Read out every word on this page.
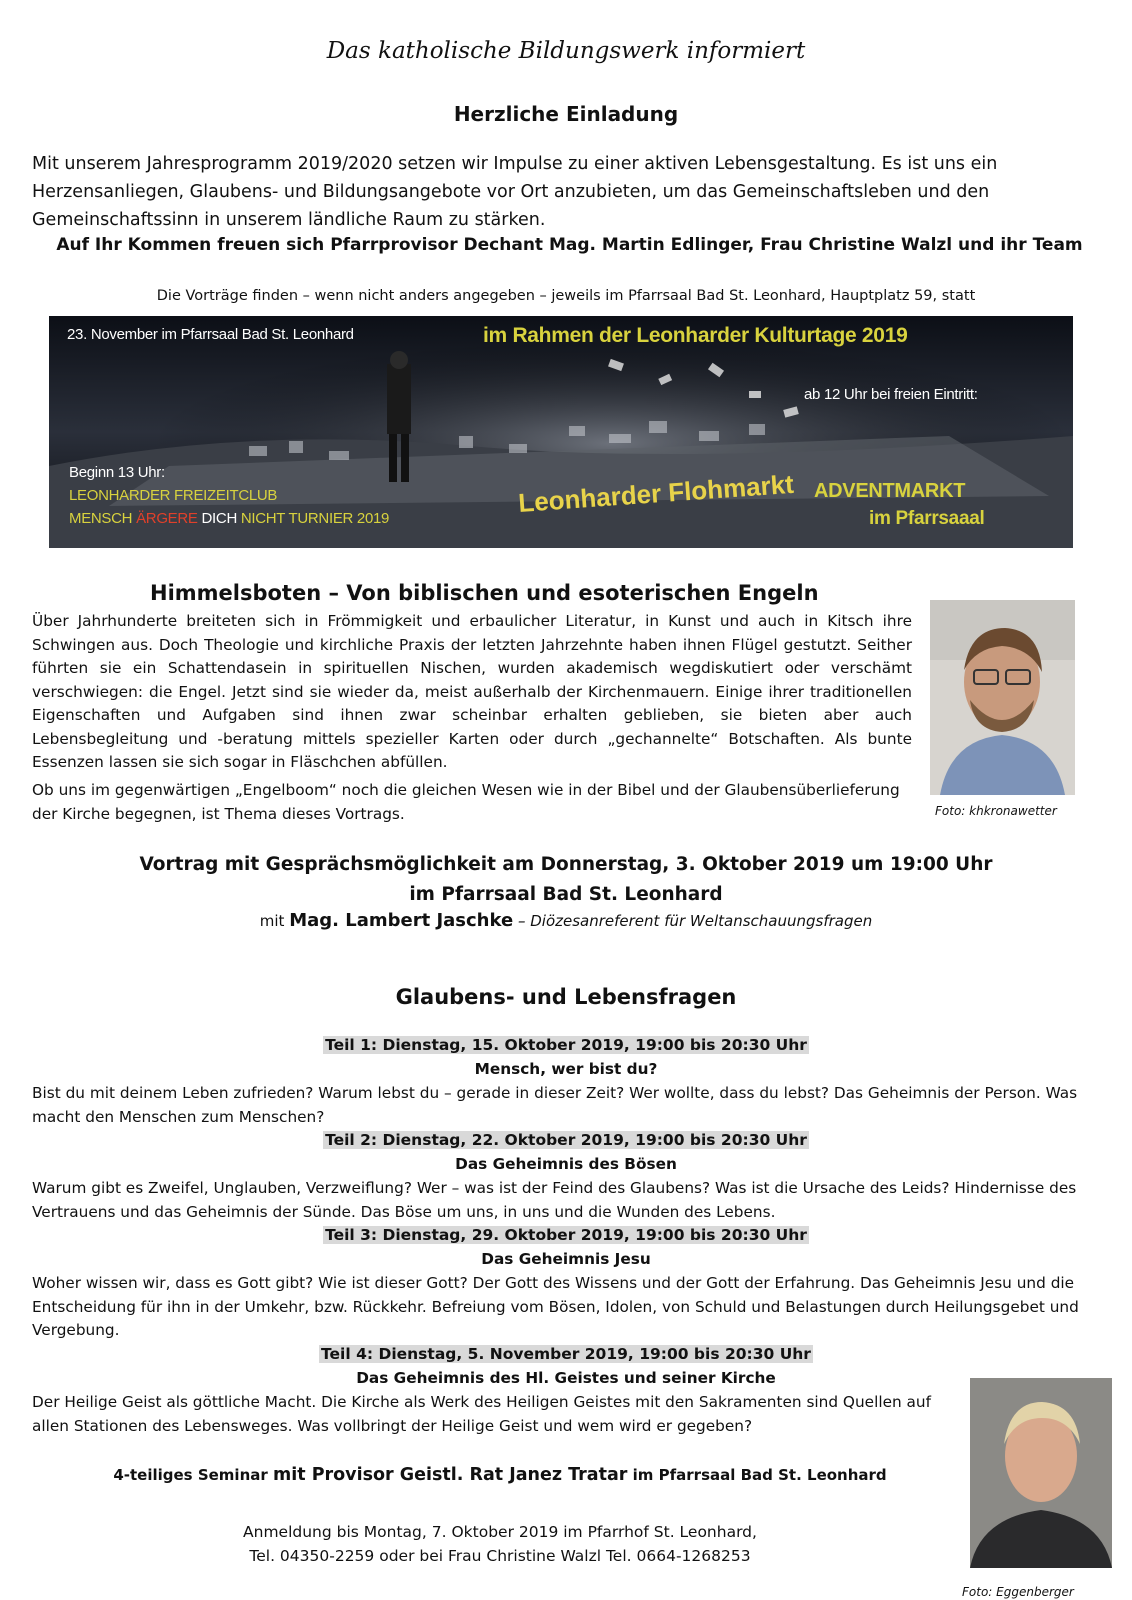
Das katholische Bildungswerk informiert
Herzliche Einladung
Mit unserem Jahresprogramm 2019/2020 setzen wir Impulse zu einer aktiven Lebensgestaltung. Es ist uns ein Herzensanliegen, Glaubens- und Bildungsangebote vor Ort anzubieten, um das Gemeinschaftsleben und den Gemeinschaftssinn in unserem ländliche Raum zu stärken.
Auf Ihr Kommen freuen sich Pfarrprovisor Dechant Mag. Martin Edlinger, Frau Christine Walzl und ihr Team
Die Vorträge finden – wenn nicht anders angegeben – jeweils im Pfarrsaal Bad St. Leonhard, Hauptplatz 59, statt
Leonharder Flohmarkt
23. November im Pfarrsaal Bad St. Leonhard	im Rahmen der Leonharder Kulturtage 2019
ab 12 Uhr bei freien Eintritt:
Beginn 13 Uhr:
LEONHARDER FREIZEITCLUB
MENSCH ÄRGERE DICH NICHT TURNIER 2019
ADVENTMARKT
im Pfarrsaaal
Himmelsboten – Von biblischen und esoterischen Engeln
Über Jahrhunderte breiteten sich in Frömmigkeit und erbaulicher Literatur, in Kunst und auch in Kitsch ihre Schwingen aus. Doch Theologie und kirchliche Praxis der letzten Jahrzehnte haben ihnen Flügel gestutzt. Seither führten sie ein Schattendasein in spirituellen Nischen, wurden akademisch wegdiskutiert oder verschämt verschwiegen: die Engel. Jetzt sind sie wieder da, meist außerhalb der Kirchenmauern. Einige ihrer traditionellen Eigenschaften und Aufgaben sind ihnen zwar scheinbar erhalten geblieben, sie bieten aber auch Lebensbegleitung und -beratung mittels spezieller Karten oder durch „gechannelte“ Botschaften. Als bunte Essenzen lassen sie sich sogar in Fläschchen abfüllen.
Ob uns im gegenwärtigen „Engelboom“ noch die gleichen Wesen wie in der Bibel und der Glaubensüberlieferung der Kirche begegnen, ist Thema dieses Vortrags.	Foto: khkronawetter
Vortrag mit Gesprächsmöglichkeit am Donnerstag, 3. Oktober 2019 um 19:00 Uhr
im Pfarrsaal Bad St. Leonhard
mit Mag. Lambert Jaschke – Diözesanreferent für Weltanschauungsfragen
Glaubens- und Lebensfragen
Teil 1: Dienstag, 15. Oktober 2019, 19:00 bis 20:30 Uhr
Mensch, wer bist du?
Bist du mit deinem Leben zufrieden? Warum lebst du – gerade in dieser Zeit? Wer wollte, dass du lebst? Das Geheimnis der Person. Was macht den Menschen zum Menschen?
Teil 2: Dienstag, 22. Oktober 2019, 19:00 bis 20:30 Uhr
Das Geheimnis des Bösen
Warum gibt es Zweifel, Unglauben, Verzweiflung? Wer – was ist der Feind des Glaubens? Was ist die Ursache des Leids? Hindernisse des Vertrauens und das Geheimnis der Sünde. Das Böse um uns, in uns und die Wunden des Lebens.
Teil 3: Dienstag, 29. Oktober 2019, 19:00 bis 20:30 Uhr
Das Geheimnis Jesu
Woher wissen wir, dass es Gott gibt? Wie ist dieser Gott? Der Gott des Wissens und der Gott der Erfahrung. Das Geheimnis Jesu und die Entscheidung für ihn in der Umkehr, bzw. Rückkehr. Befreiung vom Bösen, Idolen, von Schuld und Belastungen durch Heilungsgebet und Vergebung.
Teil 4: Dienstag, 5. November 2019, 19:00 bis 20:30 Uhr
Das Geheimnis des Hl. Geistes und seiner Kirche
Der Heilige Geist als göttliche Macht. Die Kirche als Werk des Heiligen Geistes mit den Sakramenten sind Quellen auf allen Stationen des Lebensweges. Was vollbringt der Heilige Geist und wem wird er gegeben?
4-teiliges Seminar mit Provisor Geistl. Rat Janez Tratar im Pfarrsaal Bad St. Leonhard
Anmeldung bis Montag, 7. Oktober 2019 im Pfarrhof St. Leonhard,
Tel. 04350-2259 oder bei Frau Christine Walzl Tel. 0664-1268253
Foto: Eggenberger
